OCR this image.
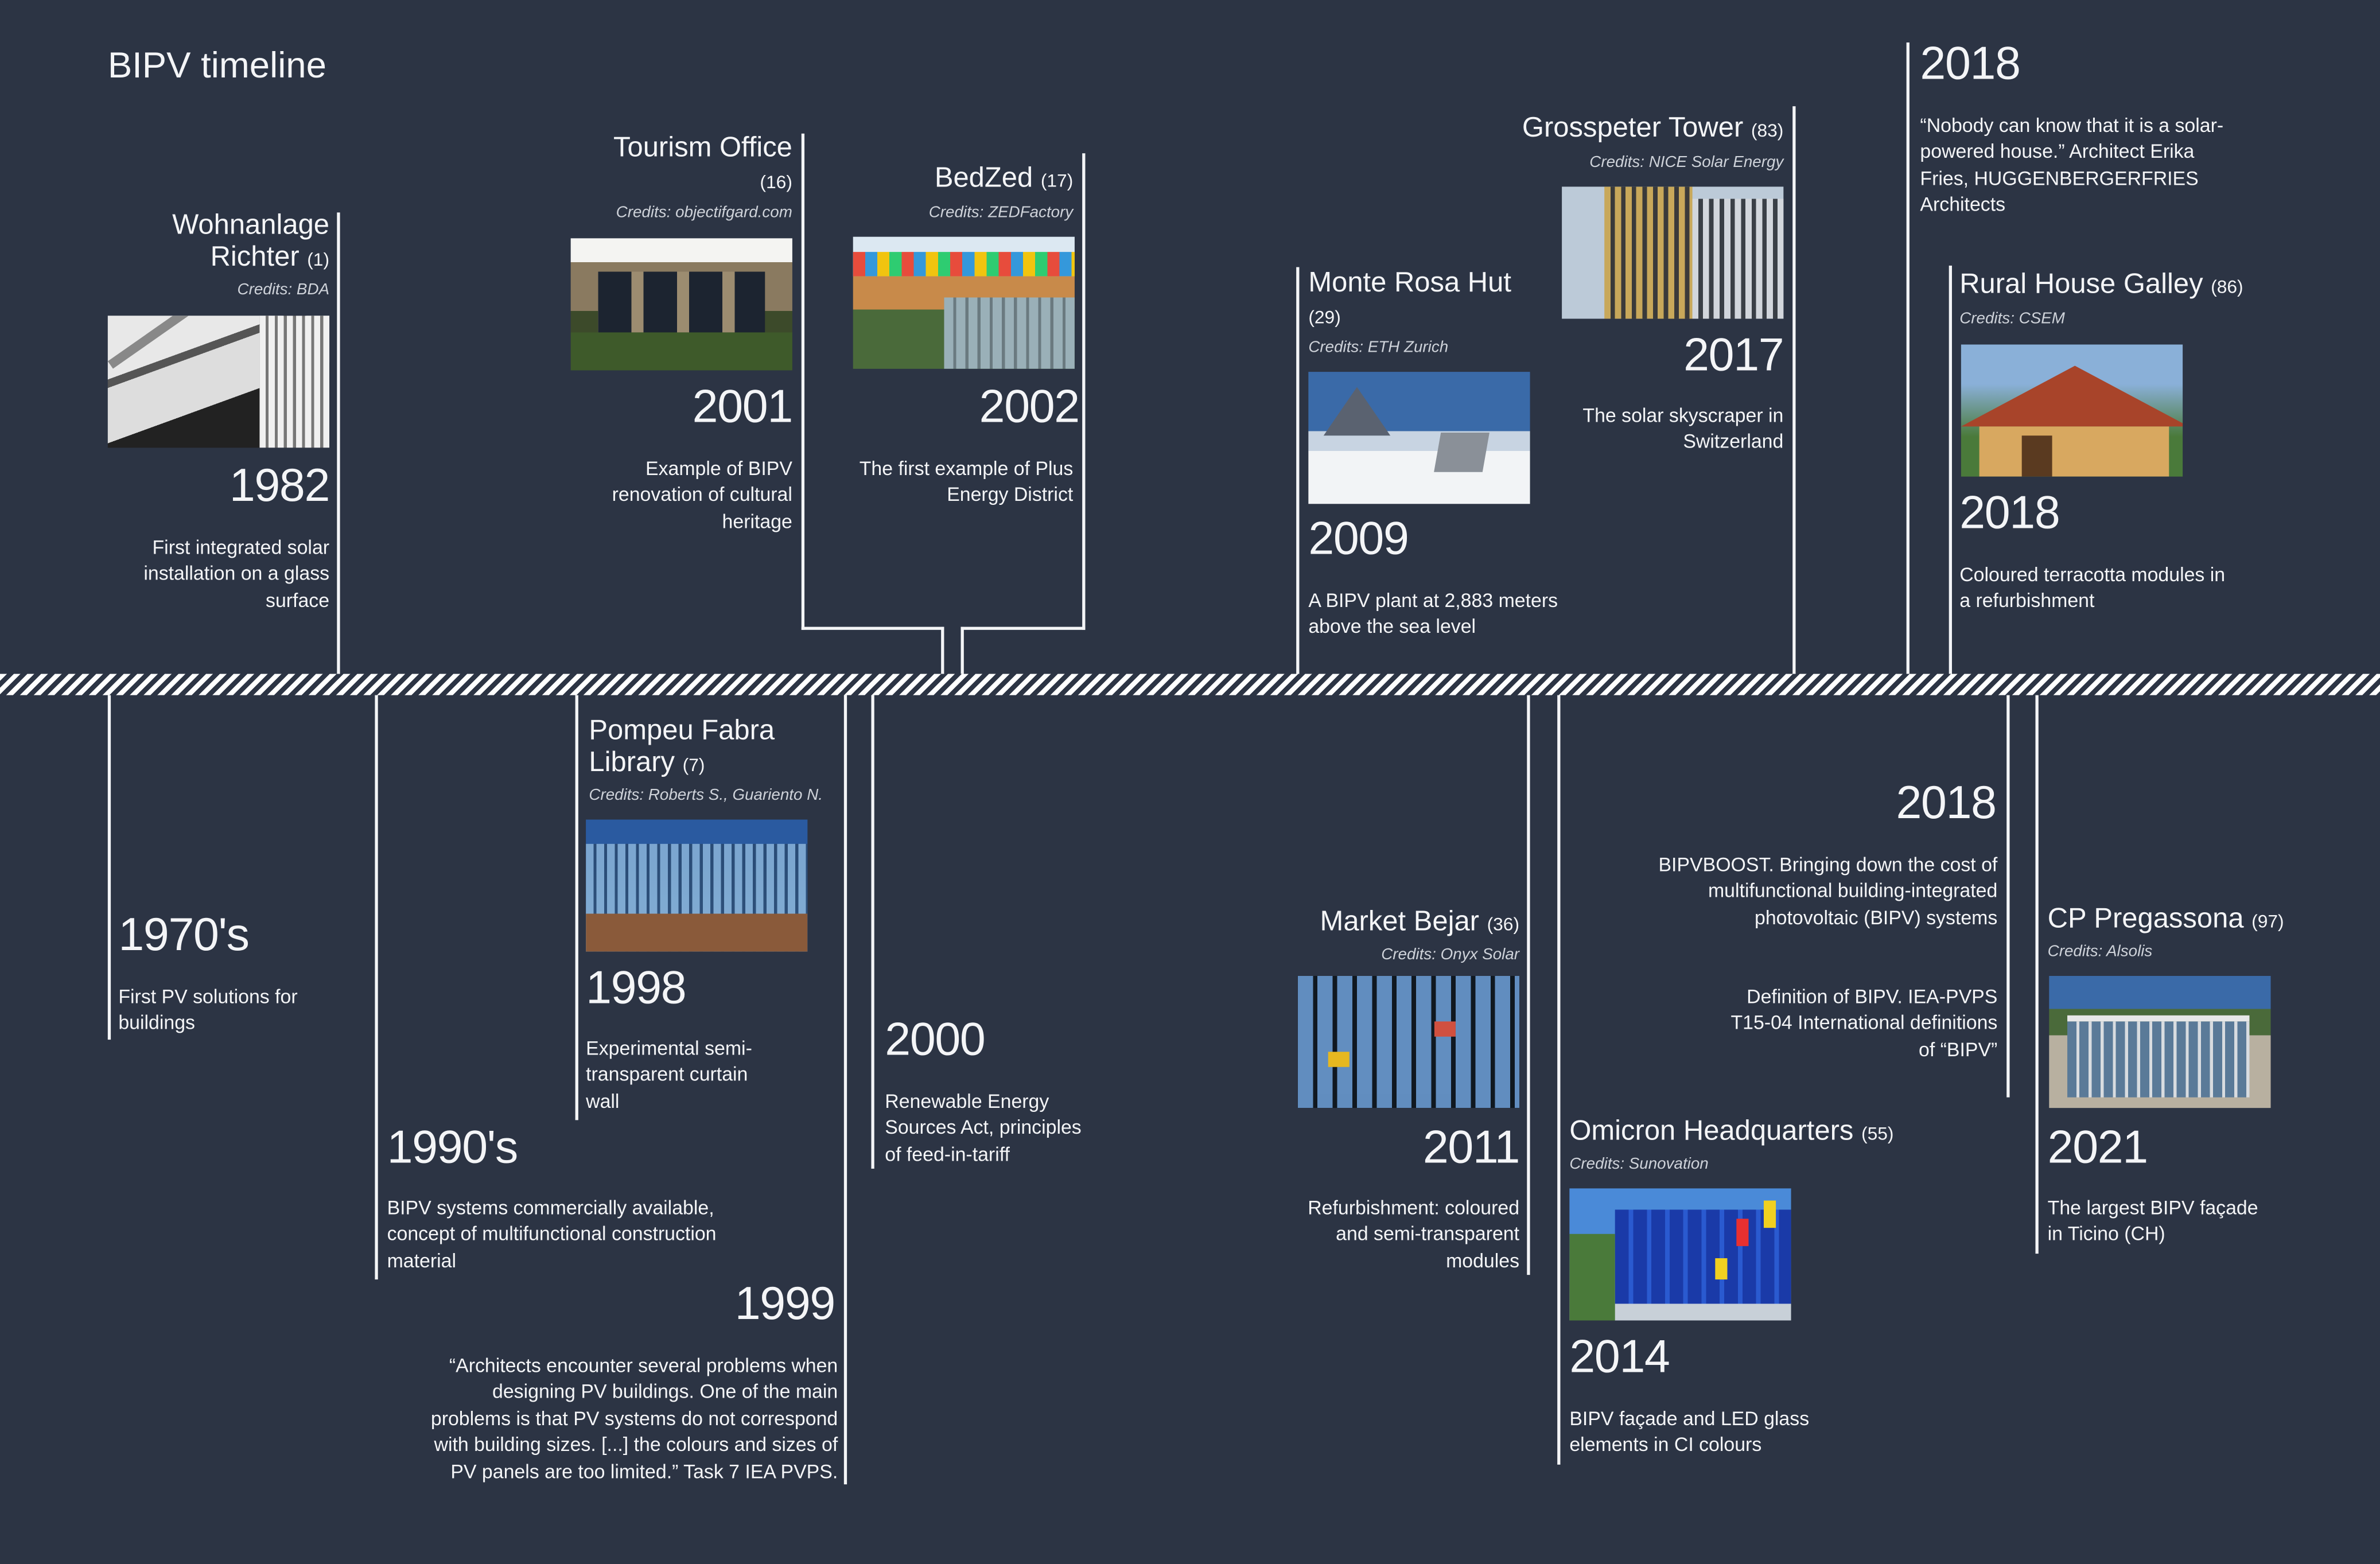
BIPV timeline
Wohnanlage Richter (1)
Credits: BDA
1982
First integrated solar installation on a glass surface
Tourism Office (16)
Credits: objectifgard.com
2001
Example of BIPV renovation of cultural heritage
BedZed (17)
Credits: ZEDFactory
2002
The first example of Plus Energy District
Monte Rosa Hut (29)
Credits: ETH Zurich
2009
A BIPV plant at 2,883 meters above the sea level
Grosspeter Tower (83)
Credits: NICE Solar Energy
2017
The solar skyscraper in Switzerland
2018
“Nobody can know that it is a solar-powered house.” Architect Erika Fries, HUGGENBERGERFRIES Architects
Rural House Galley (86)
Credits: CSEM
2018
Coloured terracotta modules in a refurbishment
1970's
First PV solutions for buildings
1990's
BIPV systems commercially available, concept of multifunctional construction material
Pompeu Fabra Library (7)
Credits: Roberts S., Guariento N.
1998
Experimental semi-transparent curtain wall
1999
“Architects encounter several problems when designing PV buildings. One of the main problems is that PV systems do not correspond with building sizes. [...] the colours and sizes of PV panels are too limited.” Task 7 IEA PVPS.
2000
Renewable Energy Sources Act, principles of feed-in-tariff
Market Bejar (36)
Credits: Onyx Solar
2011
Refurbishment: coloured and semi-transparent modules
Omicron Headquarters (55)
Credits: Sunovation
2014
BIPV façade and LED glass elements in CI colours
2018
BIPVBOOST. Bringing down the cost of multifunctional building-integrated photovoltaic (BIPV) systems
Definition of BIPV. IEA-PVPS T15-04 International definitions of “BIPV”
CP Pregassona (97)
Credits: Alsolis
2021
The largest BIPV façade in Ticino (CH)
